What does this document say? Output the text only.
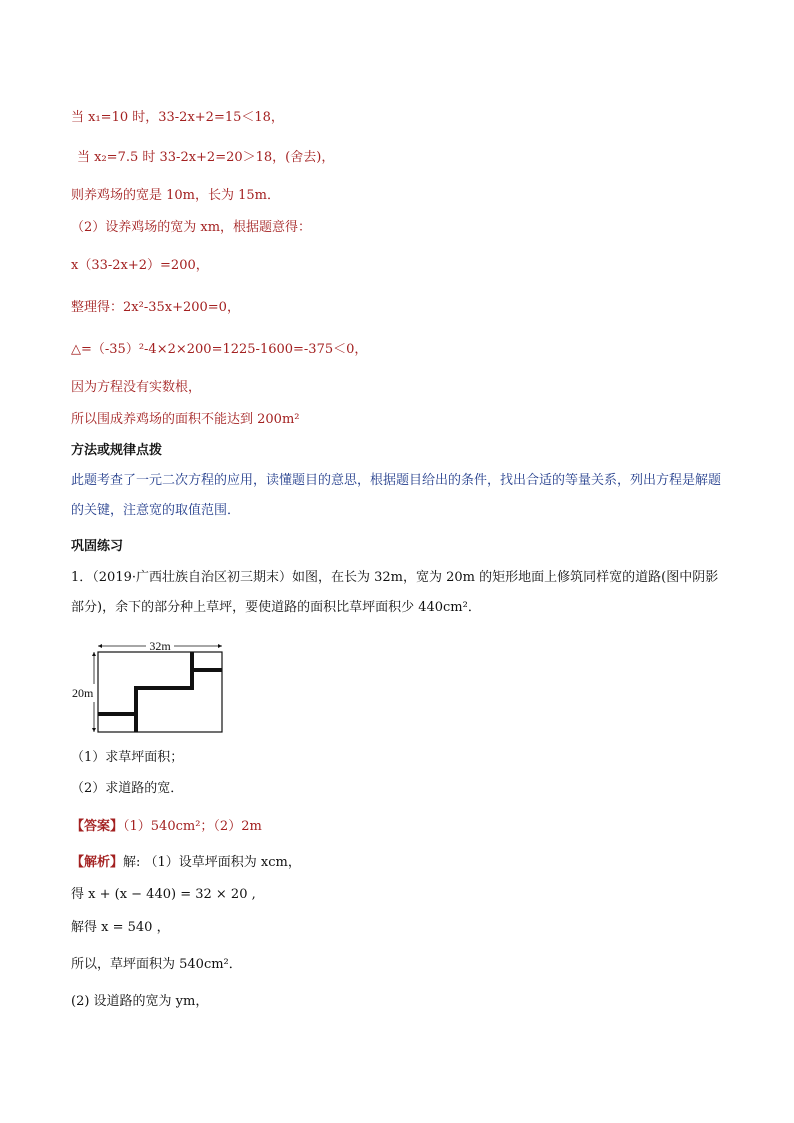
当 x₁=10 时，33-2x+2=15＜18，
当 x₂=7.5 时 33-2x+2=20＞18，(舍去)，
则养鸡场的宽是 10m，长为 15m．
（2）设养鸡场的宽为 xm，根据题意得：
x（33-2x+2）=200，
整理得：2x²-35x+200=0，
△=（-35）²-4×2×200=1225-1600=-375＜0，
因为方程没有实数根，
所以围成养鸡场的面积不能达到 200m²
方法或规律点拨
此题考查了一元二次方程的应用，读懂题目的意思，根据题目给出的条件，找出合适的等量关系，列出方程是解题的关键，注意宽的取值范围．
巩固练习
1．（2019·广西壮族自治区初三期末）如图，在长为 32m，宽为 20m 的矩形地面上修筑同样宽的道路(图中阴影部分)，余下的部分种上草坪，要使道路的面积比草坪面积少 440cm²．
32m
20m
（1）求草坪面积；
（2）求道路的宽．
【答案】（1）540cm²；（2）2m
【解析】解: （1）设草坪面积为 xcm，
得 x + (x − 440) = 32 × 20 ,
解得 x = 540 ，
所以，草坪面积为 540cm²．
(2) 设道路的宽为 ym，
